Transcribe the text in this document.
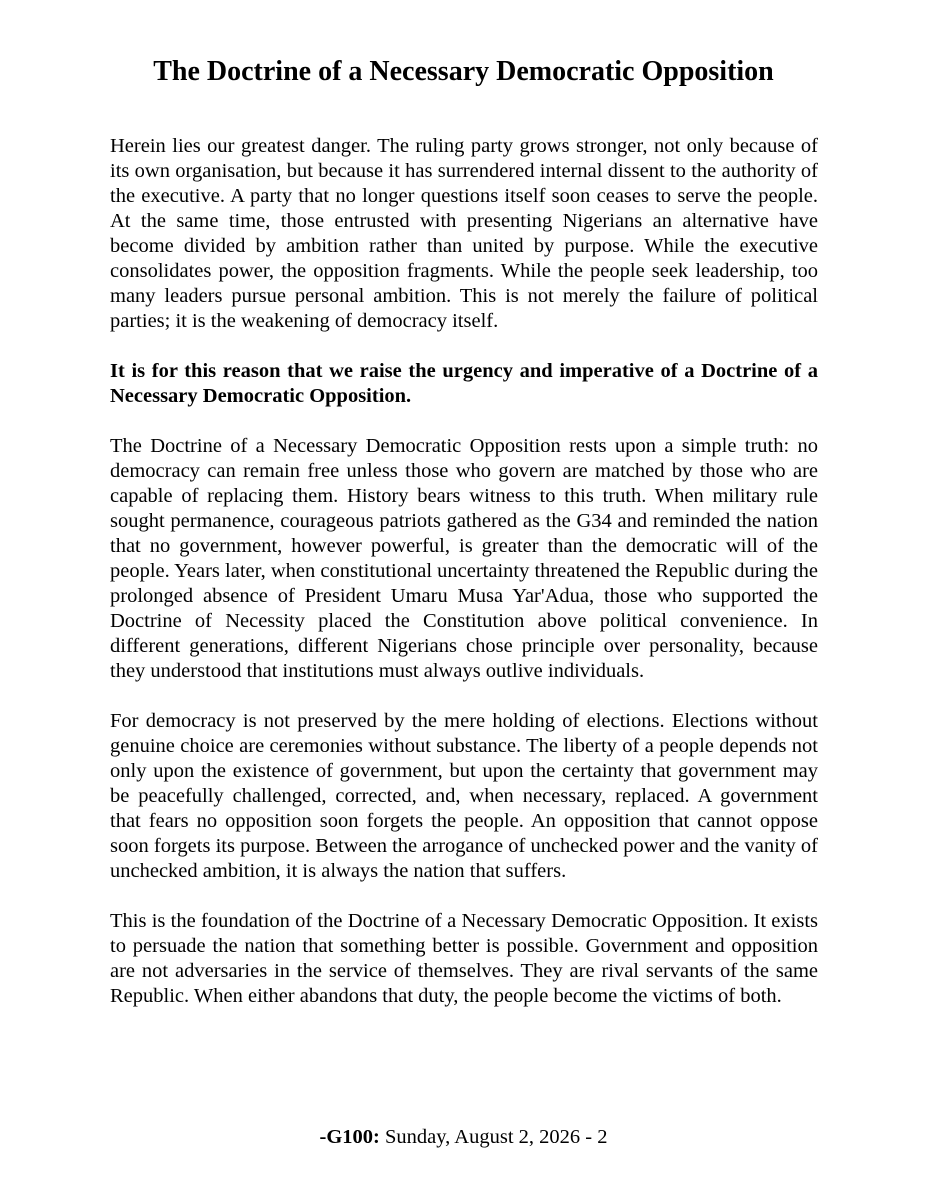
The Doctrine of a Necessary Democratic Opposition

Herein lies our greatest danger. The ruling party grows stronger, not only because of its own organisation, but because it has surrendered internal dissent to the authority of the executive. A party that no longer questions itself soon ceases to serve the people. At the same time, those entrusted with presenting Nigerians an alternative have become divided by ambition rather than united by purpose. While the executive consolidates power, the opposition fragments. While the people seek leadership, too many leaders pursue personal ambition. This is not merely the failure of political parties; it is the weakening of democracy itself.

It is for this reason that we raise the urgency and imperative of a Doctrine of a Necessary Democratic Opposition.

The Doctrine of a Necessary Democratic Opposition rests upon a simple truth: no democracy can remain free unless those who govern are matched by those who are capable of replacing them. History bears witness to this truth. When military rule sought permanence, courageous patriots gathered as the G34 and reminded the nation that no government, however powerful, is greater than the democratic will of the people. Years later, when constitutional uncertainty threatened the Republic during the prolonged absence of President Umaru Musa Yar'Adua, those who supported the Doctrine of Necessity placed the Constitution above political convenience. In different generations, different Nigerians chose principle over personality, because they understood that institutions must always outlive individuals.

For democracy is not preserved by the mere holding of elections. Elections without genuine choice are ceremonies without substance. The liberty of a people depends not only upon the existence of government, but upon the certainty that government may be peacefully challenged, corrected, and, when necessary, replaced. A government that fears no opposition soon forgets the people. An opposition that cannot oppose soon forgets its purpose. Between the arrogance of unchecked power and the vanity of unchecked ambition, it is always the nation that suffers.

This is the foundation of the Doctrine of a Necessary Democratic Opposition. It exists to persuade the nation that something better is possible. Government and opposition are not adversaries in the service of themselves. They are rival servants of the same Republic. When either abandons that duty, the people become the victims of both.

-G100: Sunday, August 2, 2026 - 2
